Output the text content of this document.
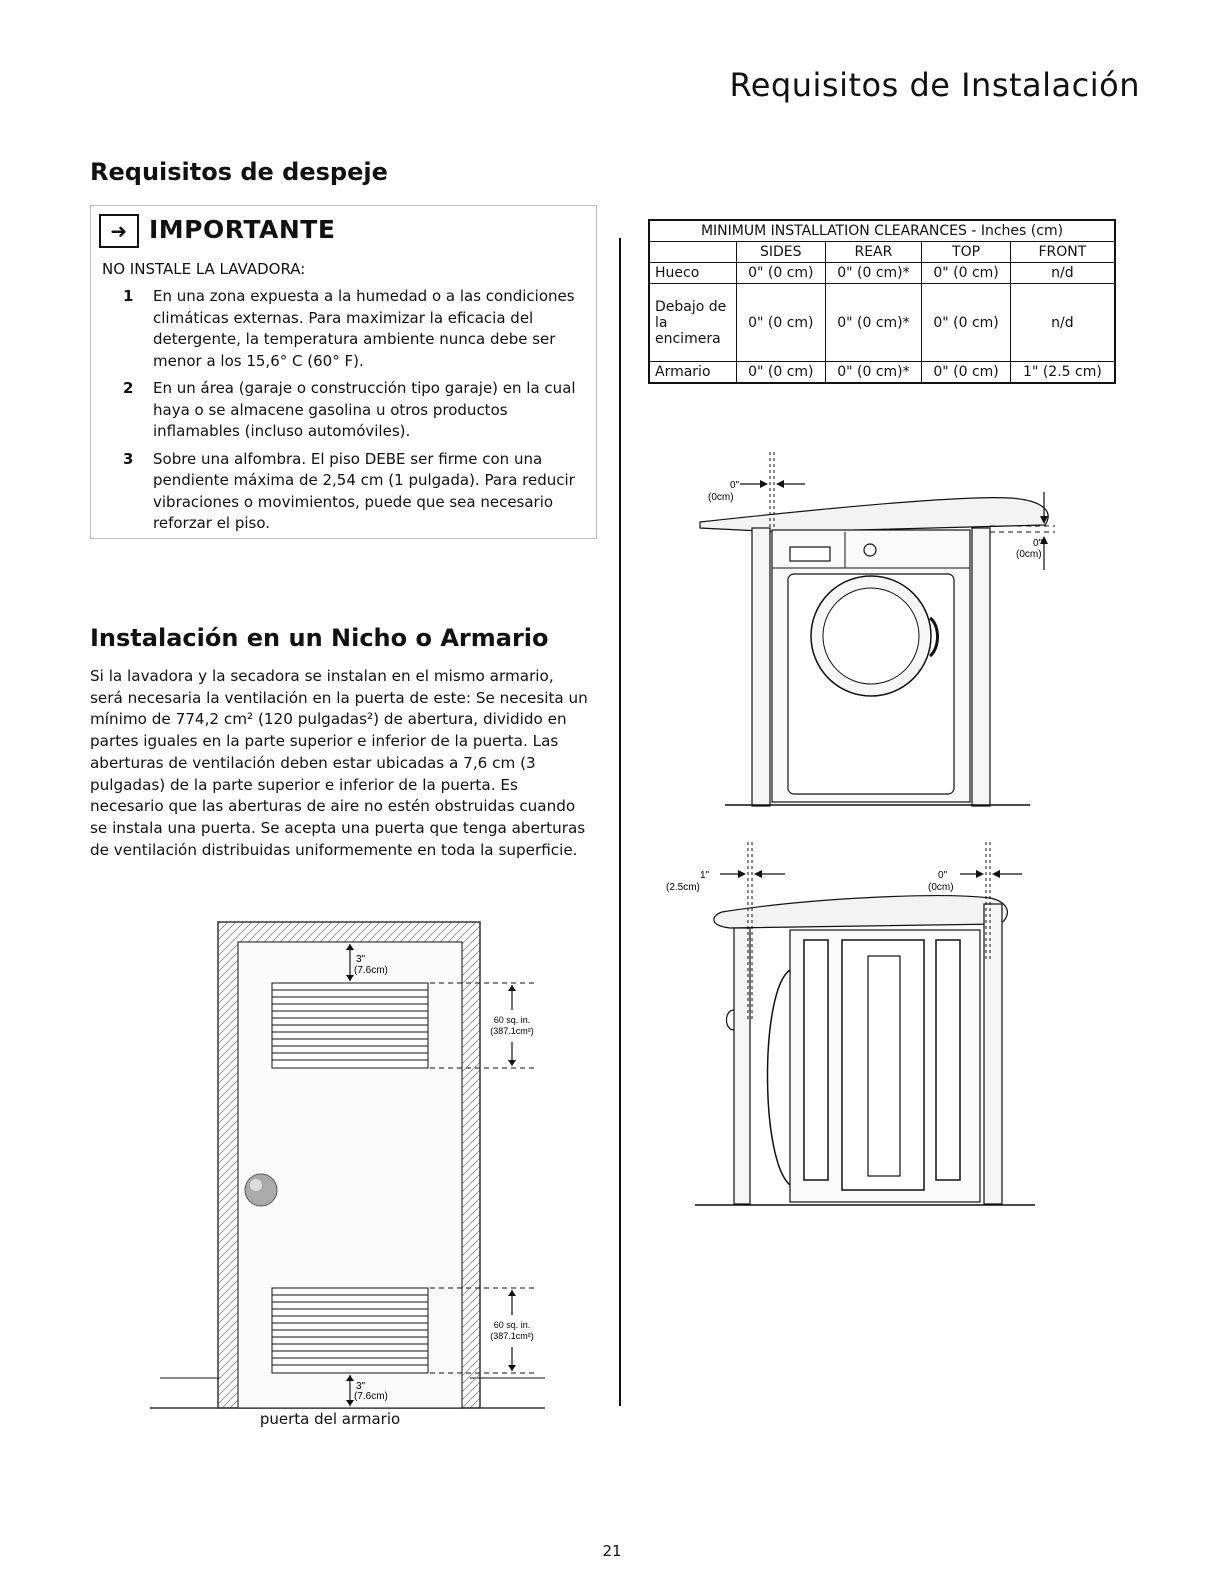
Requisitos de Instalación
Requisitos de despeje
➜ IMPORTANTE
NO INSTALE LA LAVADORA:
1 En una zona expuesta a la humedad o a las condiciones climáticas externas. Para maximizar la eficacia del detergente, la temperatura ambiente nunca debe ser menor a los 15,6° C (60° F).
2 En un área (garaje o construcción tipo garaje) en la cual haya o se almacene gasolina u otros productos inflamables (incluso automóviles).
3 Sobre una alfombra. El piso DEBE ser firme con una pendiente máxima de 2,54 cm (1 pulgada). Para reducir vibraciones o movimientos, puede que sea necesario reforzar el piso.
Instalación en un Nicho o Armario
Si la lavadora y la secadora se instalan en el mismo armario, será necesaria la ventilación en la puerta de este: Se necesita un mínimo de 774,2 cm² (120 pulgadas²) de abertura, dividido en partes iguales en la parte superior e inferior de la puerta. Las aberturas de ventilación deben estar ubicadas a 7,6 cm (3 pulgadas) de la parte superior e inferior de la puerta. Es necesario que las aberturas de aire no estén obstruidas cuando se instala una puerta. Se acepta una puerta que tenga aberturas de ventilación distribuidas uniformemente en toda la superficie.
3"
(7.6cm)
3"
(7.6cm)
60 sq. in.
(387.1cm²)
60 sq. in.
(387.1cm²)
puerta del armario
MINIMUM INSTALLATION CLEARANCES - Inches (cm)				
	SIDES	REAR	TOP	FRONT
Hueco	0" (0 cm)	0" (0 cm)*	0" (0 cm)	n/d
Debajo de la encimera	0" (0 cm)	0" (0 cm)*	0" (0 cm)	n/d
Armario	0" (0 cm)	0" (0 cm)*	0" (0 cm)	1" (2.5 cm)
0"
(0cm)
0"
(0cm)
1"
(2.5cm)
0"
(0cm)
21
